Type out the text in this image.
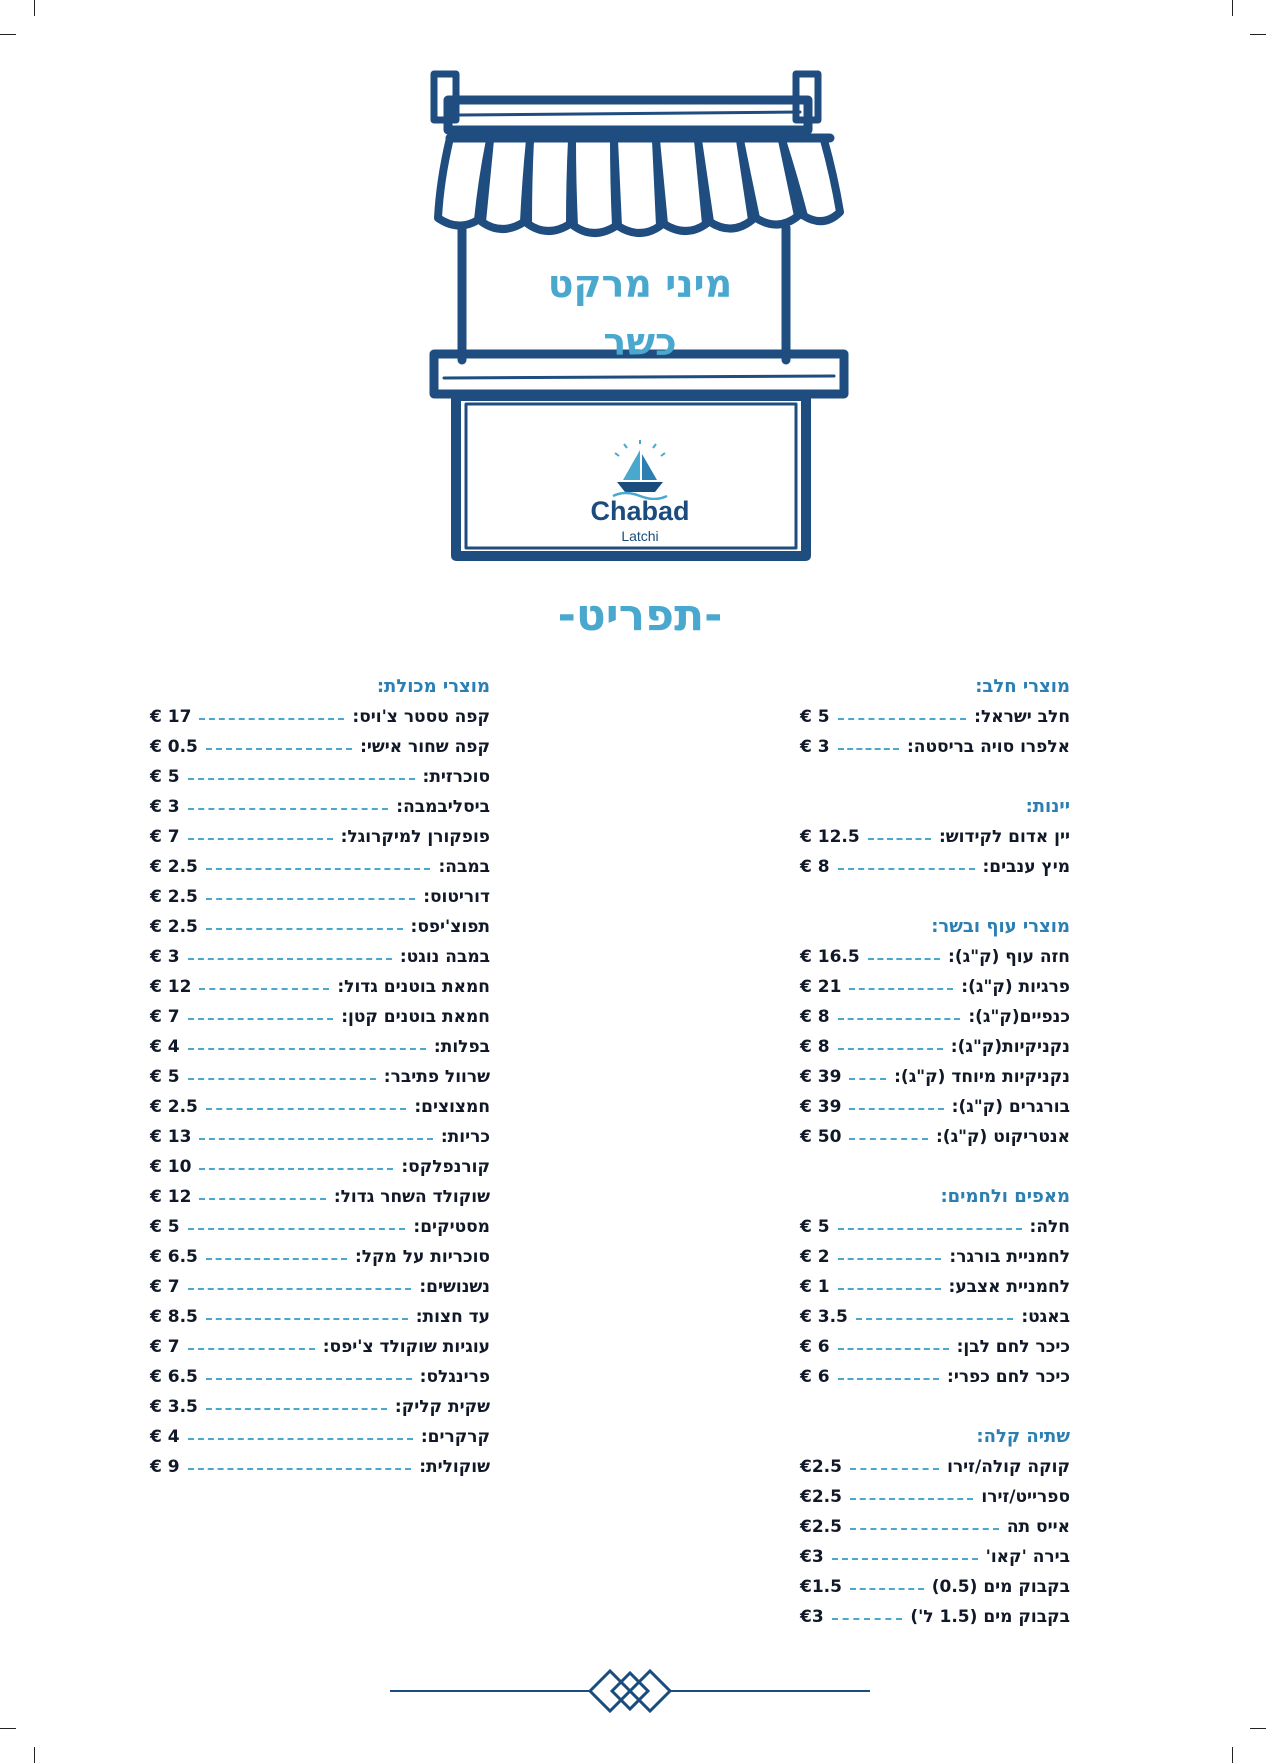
מיני מרקט
כשר
Chabad
Latchi
-תפריט-
מוצרי חלב:
חלב ישראל:
€ 5
אלפרו סויה בריסטה:
€ 3
יינות:
יין אדום לקידוש:
€ 12.5
מיץ ענבים:
€ 8
מוצרי עוף ובשר:
חזה עוף (ק"ג):
€ 16.5
פרגיות (ק"ג):
€ 21
כנפיים(ק"ג):
€ 8
נקניקיות(ק"ג):
€ 8
נקניקיות מיוחד (ק"ג):
€ 39
בורגרים (ק"ג):
€ 39
אנטריקוט (ק"ג):
€ 50
מאפים ולחמים:
חלה:
€ 5
לחמניית בורגר:
€ 2
לחמניית אצבע:
€ 1
באגט:
€ 3.5
כיכר לחם לבן:
€ 6
כיכר לחם כפרי:
€ 6
שתיה קלה:
קוקה קולה/זירו
€2.5
ספרייט/זירו
€2.5
אייס תה
€2.5
בירה 'קאו'
€3
בקבוק מים (0.5)
€1.5
בקבוק מים (1.5 ל')
€3
מוצרי מכולת:
קפה טסטר צ'ויס:
€ 17
קפה שחור אישי:
€ 0.5
סוכרזית:
€ 5
ביסליבמבה:
€ 3
פופקורן למיקרוגל:
€ 7
במבה:
€ 2.5
דוריטוס:
€ 2.5
תפוצ'יפס:
€ 2.5
במבה נוגט:
€ 3
חמאת בוטנים גדול:
€ 12
חמאת בוטנים קטן:
€ 7
בפלות:
€ 4
שרוול פתיבר:
€ 5
חמצוצים:
€ 2.5
כריות:
€ 13
קורנפלקס:
€ 10
שוקולד השחר גדול:
€ 12
מסטיקים:
€ 5
סוכריות על מקל:
€ 6.5
נשנושים:
€ 7
עד חצות:
€ 8.5
עוגיות שוקולד צ'יפס:
€ 7
פרינגלס:
€ 6.5
שקית קליק:
€ 3.5
קרקרים:
€ 4
שוקולית:
€ 9
